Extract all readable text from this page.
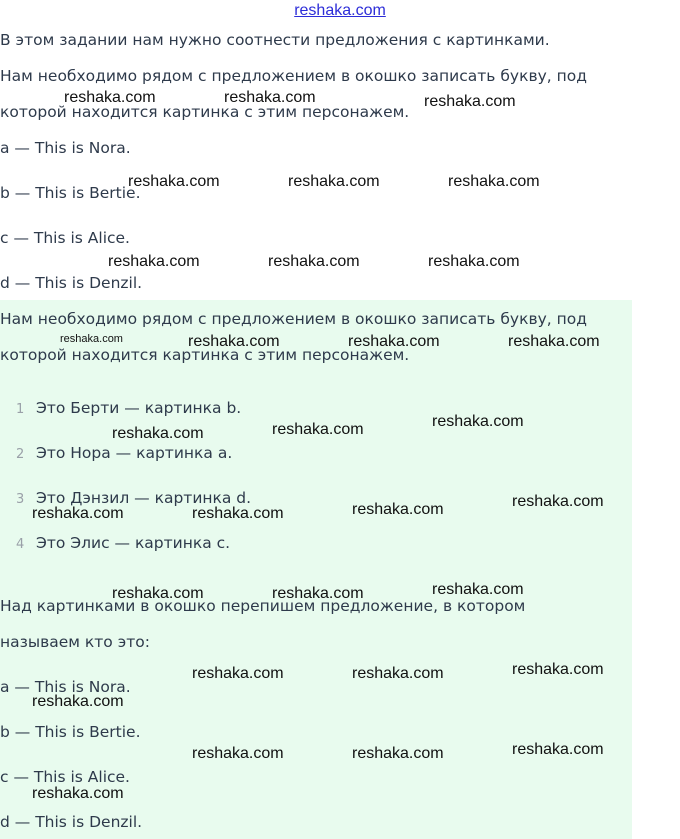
reshaka.com
В этом задании нам нужно соотнести предложения с картинками.
Нам необходимо рядом с предложением в окошко записать букву, под
которой находится картинка с этим персонажем.
a — This is Nora.
b — This is Bertie.
c — This is Alice.
d — This is Denzil.
Нам необходимо рядом с предложением в окошко записать букву, под
которой находится картинка с этим персонажем.
1 Это Берти — картинка b.
2 Это Нора — картинка a.
3 Это Дэнзил — картинка d.
4 Это Элис — картинка c.
Над картинками в окошко перепишем предложение, в котором
называем кто это:
a — This is Nora.
b — This is Bertie.
c — This is Alice.
d — This is Denzil.
reshaka.com	reshaka.com	reshaka.com
reshaka.com	reshaka.com	reshaka.com
reshaka.com	reshaka.com	reshaka.com
reshaka.com	reshaka.com	reshaka.com	reshaka.com
reshaka.com	reshaka.com	reshaka.com
reshaka.com	reshaka.com	reshaka.com	reshaka.com
reshaka.com	reshaka.com	reshaka.com
reshaka.com	reshaka.com	reshaka.com
reshaka.com
reshaka.com	reshaka.com	reshaka.com
reshaka.com
